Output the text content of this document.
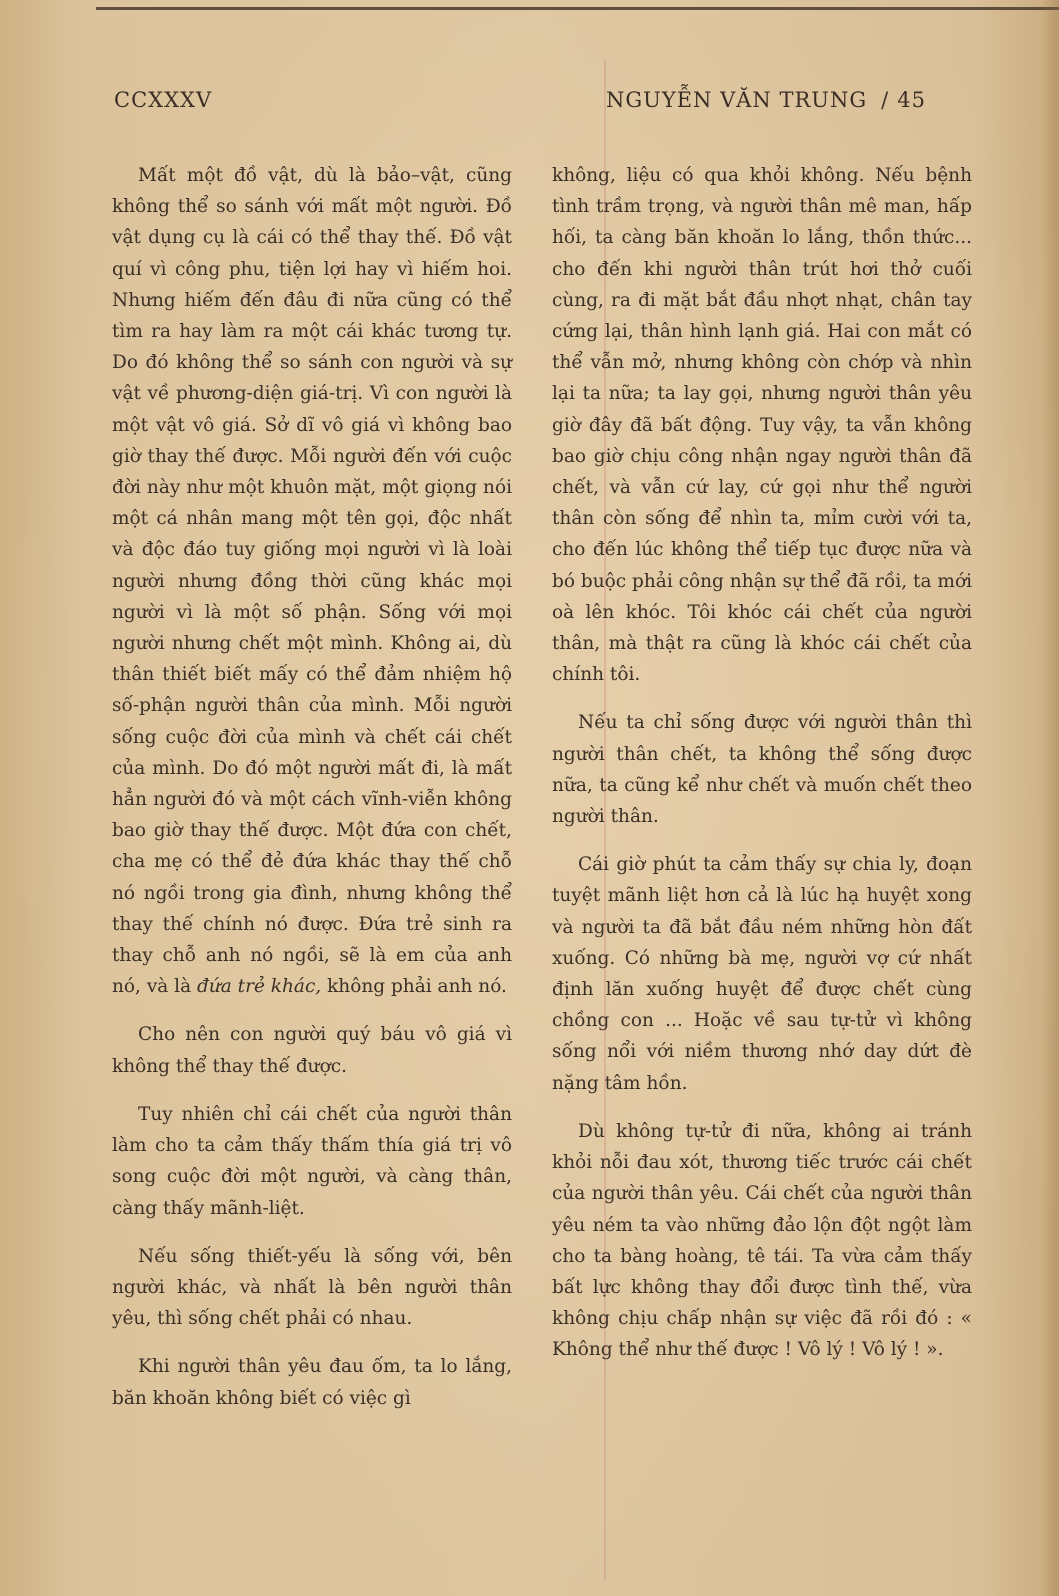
CCXXXV	NGUYỄN VĂN TRUNG / 45

Mất một đồ vật, dù là bảo–vật, cũng không thể so sánh với mất một người. Đồ vật dụng cụ là cái có thể thay thế. Đồ vật quí vì công phu, tiện lợi hay vì hiếm hoi. Nhưng hiếm đến đâu đi nữa cũng có thể tìm ra hay làm ra một cái khác tương tự. Do đó không thể so sánh con người và sự vật về phương-diện giá-trị. Vì con người là một vật vô giá. Sở dĩ vô giá vì không bao giờ thay thế được. Mỗi người đến với cuộc đời này như một khuôn mặt, một giọng nói một cá nhân mang một tên gọi, độc nhất và độc đáo tuy giống mọi người vì là loài người nhưng đồng thời cũng khác mọi người vì là một số phận. Sống với mọi người nhưng chết một mình. Không ai, dù thân thiết biết mấy có thể đảm nhiệm hộ số-phận người thân của mình. Mỗi người sống cuộc đời của mình và chết cái chết của mình. Do đó một người mất đi, là mất hẳn người đó và một cách vĩnh-viễn không bao giờ thay thế được. Một đứa con chết, cha mẹ có thể đẻ đứa khác thay thế chỗ nó ngồi trong gia đình, nhưng không thể thay thế chính nó được. Đứa trẻ sinh ra thay chỗ anh nó ngồi, sẽ là em của anh nó, và là đứa trẻ khác, không phải anh nó.

Cho nên con người quý báu vô giá vì không thể thay thế được.

Tuy nhiên chỉ cái chết của người thân làm cho ta cảm thấy thấm thía giá trị vô song cuộc đời một người, và càng thân, càng thấy mãnh-liệt.

Nếu sống thiết-yếu là sống với, bên người khác, và nhất là bên người thân yêu, thì sống chết phải có nhau.

Khi người thân yêu đau ốm, ta lo lắng, băn khoăn không biết có việc gì

không, liệu có qua khỏi không. Nếu bệnh tình trầm trọng, và người thân mê man, hấp hối, ta càng băn khoăn lo lắng, thồn thức... cho đến khi người thân trút hơi thở cuối cùng, ra đi mặt bắt đầu nhợt nhạt, chân tay cứng lại, thân hình lạnh giá. Hai con mắt có thể vẫn mở, nhưng không còn chớp và nhìn lại ta nữa; ta lay gọi, nhưng người thân yêu giờ đây đã bất động. Tuy vậy, ta vẫn không bao giờ chịu công nhận ngay người thân đã chết, và vẫn cứ lay, cứ gọi như thể người thân còn sống để nhìn ta, mỉm cười với ta, cho đến lúc không thể tiếp tục được nữa và bó buộc phải công nhận sự thể đã rồi, ta mới oà lên khóc. Tôi khóc cái chết của người thân, mà thật ra cũng là khóc cái chết của chính tôi.

Nếu ta chỉ sống được với người thân thì người thân chết, ta không thể sống được nữa, ta cũng kể như chết và muốn chết theo người thân.

Cái giờ phút ta cảm thấy sự chia ly, đoạn tuyệt mãnh liệt hơn cả là lúc hạ huyệt xong và người ta đã bắt đầu ném những hòn đất xuống. Có những bà mẹ, người vợ cứ nhất định lăn xuống huyệt để được chết cùng chồng con ... Hoặc về sau tự-tử vì không sống nổi với niềm thương nhớ day dứt đè nặng tâm hồn.

Dù không tự-tử đi nữa, không ai tránh khỏi nỗi đau xót, thương tiếc trước cái chết của người thân yêu. Cái chết của người thân yêu ném ta vào những đảo lộn đột ngột làm cho ta bàng hoàng, tê tái. Ta vừa cảm thấy bất lực không thay đổi được tình thế, vừa không chịu chấp nhận sự việc đã rồi đó : « Không thể như thế được ! Vô lý ! Vô lý ! ».
